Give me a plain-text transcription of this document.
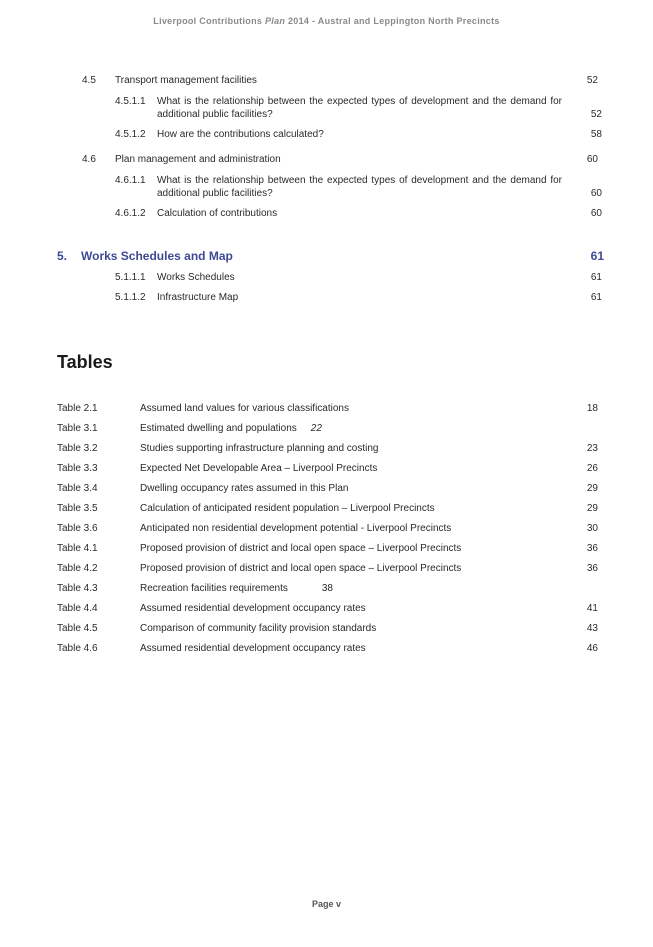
Liverpool Contributions Plan 2014 - Austral and Leppington North Precincts
4.5 Transport management facilities	52
4.5.1.1 What is the relationship between the expected types of development and the demand for additional public facilities?	52
4.5.1.2 How are the contributions calculated?	58
4.6 Plan management and administration	60
4.6.1.1 What is the relationship between the expected types of development and the demand for additional public facilities?	60
4.6.1.2 Calculation of contributions	60
5. Works Schedules and Map	61
5.1.1.1 Works Schedules	61
5.1.1.2 Infrastructure Map	61
Tables
Table 2.1	Assumed land values for various classifications	18
Table 3.1	Estimated dwelling and populations 22
Table 3.2	Studies supporting infrastructure planning and costing	23
Table 3.3	Expected Net Developable Area – Liverpool Precincts	26
Table 3.4	Dwelling occupancy rates assumed in this Plan	29
Table 3.5	Calculation of anticipated resident population – Liverpool Precincts	29
Table 3.6	Anticipated non residential development potential - Liverpool Precincts	30
Table 4.1	Proposed provision of district and local open space – Liverpool Precincts	36
Table 4.2	Proposed provision of district and local open space – Liverpool Precincts	36
Table 4.3	Recreation facilities requirements	38
Table 4.4	Assumed residential development occupancy rates	41
Table 4.5	Comparison of community facility provision standards	43
Table 4.6	Assumed residential development occupancy rates	46
Page v
